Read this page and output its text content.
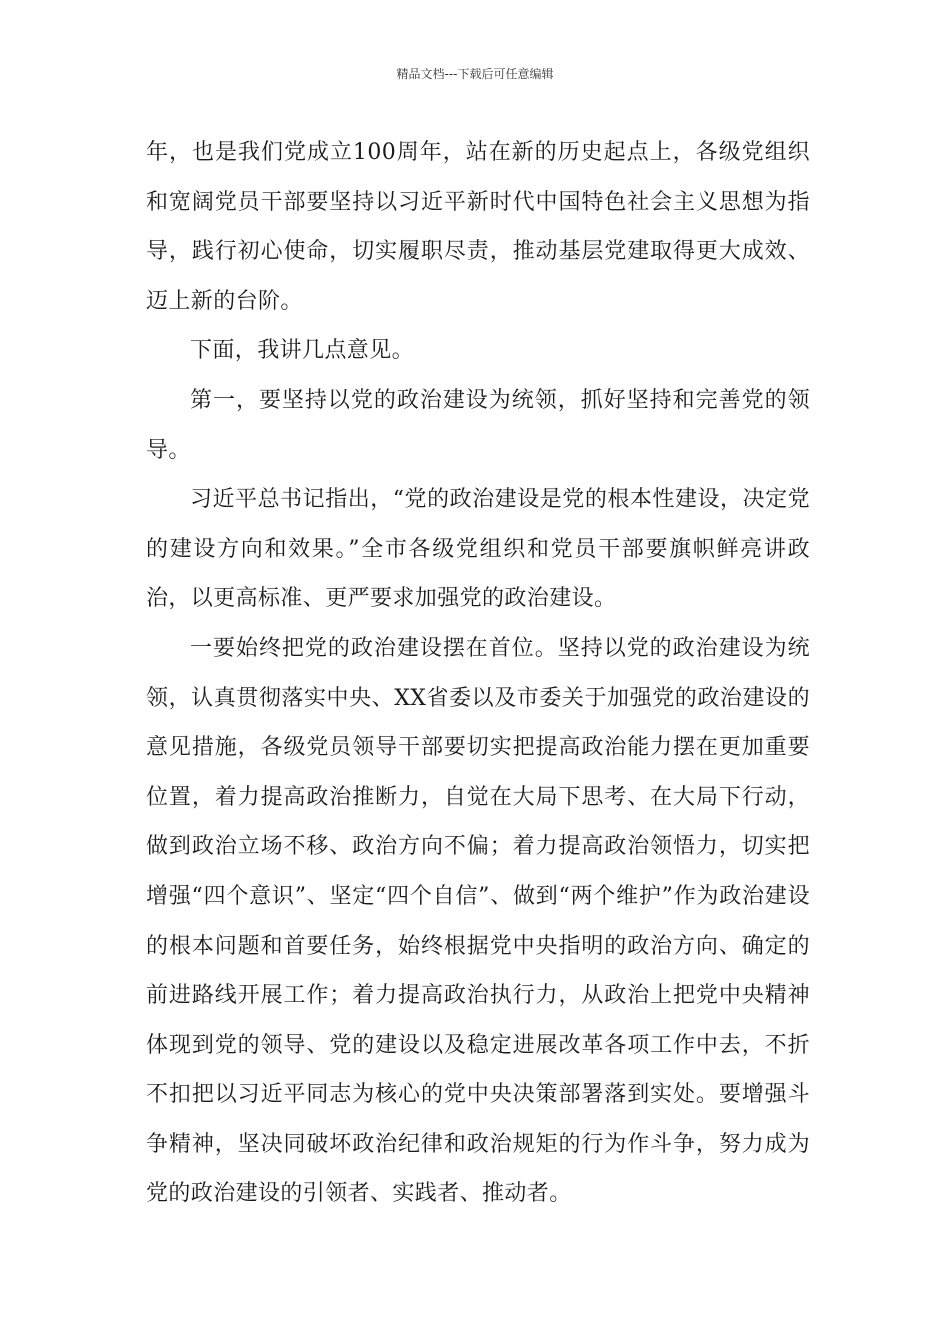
精品文档---下载后可任意编辑

年，也是我们党成立100周年，站在新的历史起点上，各级党组织和宽阔党员干部要坚持以习近平新时代中国特色社会主义思想为指导，践行初心使命，切实履职尽责，推动基层党建取得更大成效、迈上新的台阶。

下面，我讲几点意见。

第一，要坚持以党的政治建设为统领，抓好坚持和完善党的领导。

习近平总书记指出，“党的政治建设是党的根本性建设，决定党的建设方向和效果。”全市各级党组织和党员干部要旗帜鲜亮讲政治，以更高标准、更严要求加强党的政治建设。

一要始终把党的政治建设摆在首位。坚持以党的政治建设为统领，认真贯彻落实中央、XX省委以及市委关于加强党的政治建设的意见措施，各级党员领导干部要切实把提高政治能力摆在更加重要位置，着力提高政治推断力，自觉在大局下思考、在大局下行动，做到政治立场不移、政治方向不偏；着力提高政治领悟力，切实把增强“四个意识”、坚定“四个自信”、做到“两个维护”作为政治建设的根本问题和首要任务，始终根据党中央指明的政治方向、确定的前进路线开展工作；着力提高政治执行力，从政治上把党中央精神体现到党的领导、党的建设以及稳定进展改革各项工作中去，不折不扣把以习近平同志为核心的党中央决策部署落到实处。要增强斗争精神，坚决同破坏政治纪律和政治规矩的行为作斗争，努力成为党的政治建设的引领者、实践者、推动者。
